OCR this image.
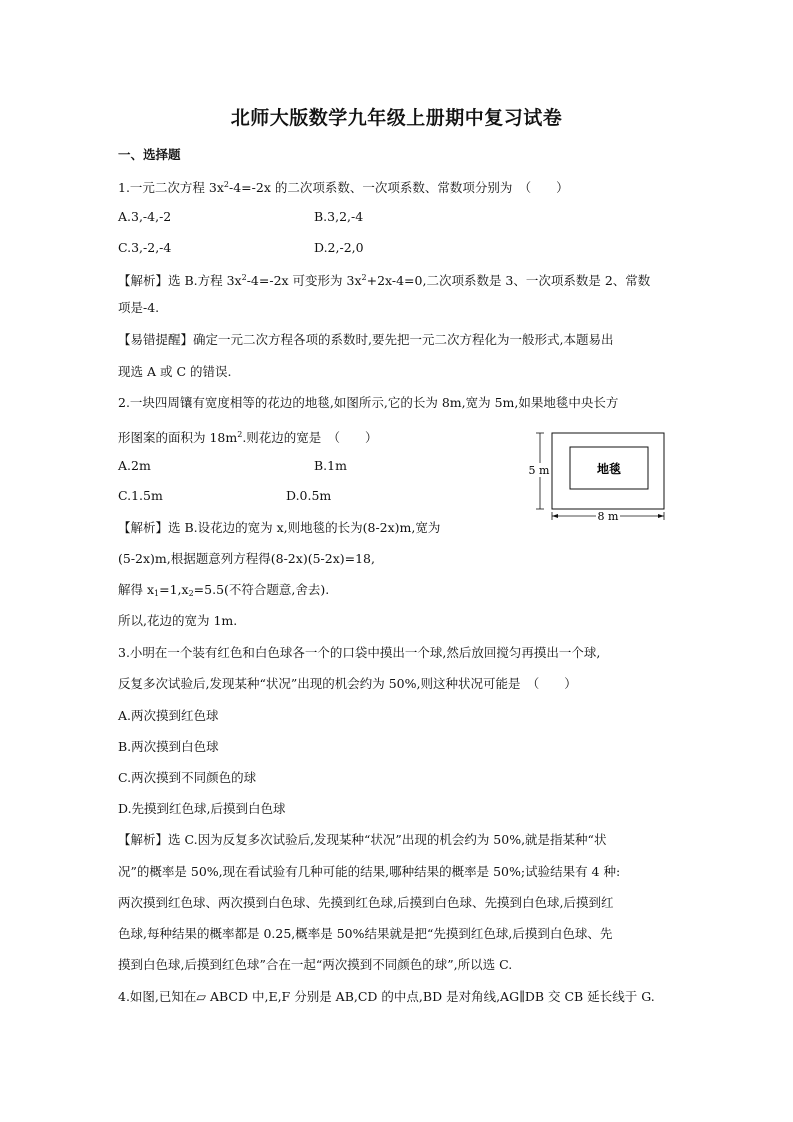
北师大版数学九年级上册期中复习试卷
一、选择题
1.一元二次方程 $3x^2-4=-2x$ 的二次项系数、一次项系数、常数项分别为　（　　）
A.3,-4,-2	B.3,2,-4
C.3,-2,-4	D.2,-2,0
【解析】选 B.方程 $3x^2-4=-2x$ 可变形为 $3x^2+2x-4=0$,二次项系数是 3、一次项系数是 2、常数
项是-4.
【易错提醒】确定一元二次方程各项的系数时,要先把一元二次方程化为一般形式,本题易出
现选 A 或 C 的错误.
2.一块四周镶有宽度相等的花边的地毯,如图所示,它的长为 8m,宽为 5m,如果地毯中央长方
形图案的面积为 $18m^2$.则花边的宽是　（　　）
A.2m	B.1m
C.1.5m	D.0.5m
地毯
5 m
8 m
【解析】选 B.设花边的宽为 x,则地毯的长为(8-2x)m,宽为
(5-2x)m,根据题意列方程得(8-2x)(5-2x)=18,
解得 $x_1=1,x_2=5.5$(不符合题意,舍去).
所以,花边的宽为 1m.
3.小明在一个装有红色和白色球各一个的口袋中摸出一个球,然后放回搅匀再摸出一个球,
反复多次试验后,发现某种“状况”出现的机会约为 50%,则这种状况可能是　（　　）
A.两次摸到红色球
B.两次摸到白色球
C.两次摸到不同颜色的球
D.先摸到红色球,后摸到白色球
【解析】选 C.因为反复多次试验后,发现某种“状况”出现的机会约为 50%,就是指某种“状
况”的概率是 50%,现在看试验有几种可能的结果,哪种结果的概率是 50%;试验结果有 4 种:
两次摸到红色球、两次摸到白色球、先摸到红色球,后摸到白色球、先摸到白色球,后摸到红
色球,每种结果的概率都是 0.25,概率是 50%结果就是把“先摸到红色球,后摸到白色球、先
摸到白色球,后摸到红色球”合在一起“两次摸到不同颜色的球”,所以选 C.
4.如图,已知在▱ ABCD 中,E,F 分别是 AB,CD 的中点,BD 是对角线,AG∥DB 交 CB 延长线于 G.
